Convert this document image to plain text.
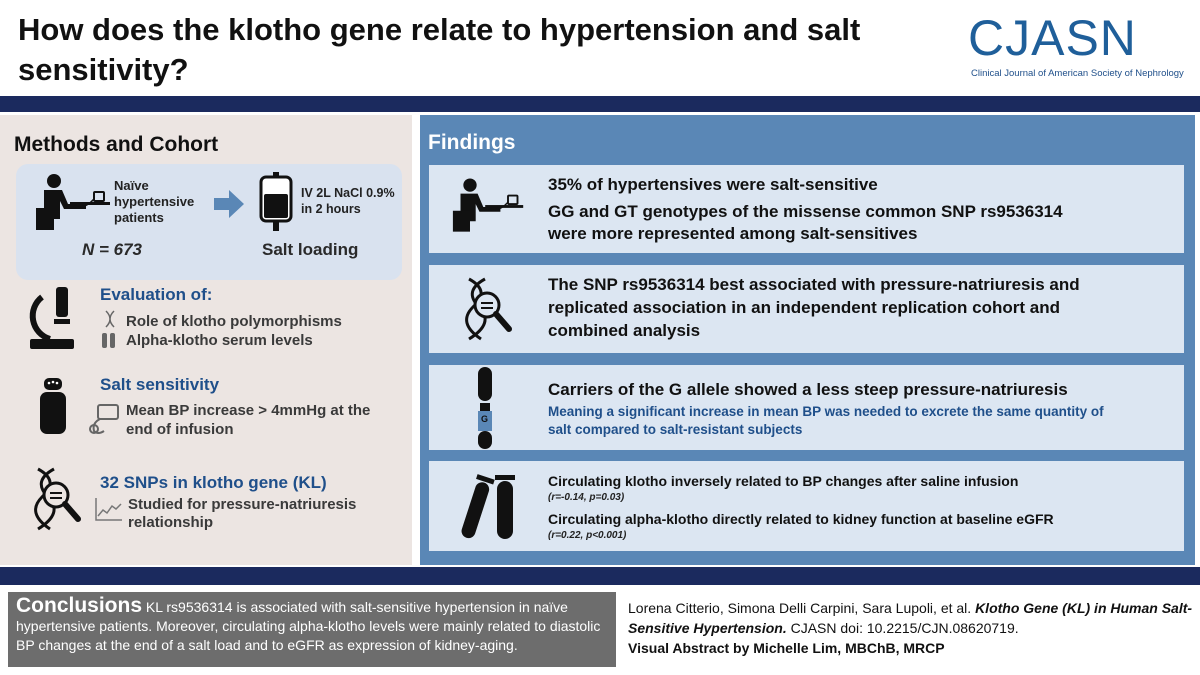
How does the klotho gene relate to hypertension and salt sensitivity?
CJASN
Clinical Journal of American Society of Nephrology
Methods and Cohort
Naïve
hypertensive
patients
N = 673
IV 2L NaCl 0.9%
in 2 hours
Salt loading
Evaluation of:
Role of klotho polymorphisms
Alpha-klotho serum levels
Salt sensitivity
Mean BP increase > 4mmHg at the
end of infusion
32 SNPs in klotho gene (KL)
Studied for pressure-natriuresis
relationship
Findings
35% of hypertensives were salt-sensitive
GG and GT genotypes of the missense common SNP rs9536314
were more represented among salt-sensitives
The SNP rs9536314 best associated with pressure-natriuresis and
replicated association in an independent replication cohort and
combined analysis
G
Carriers of the G allele showed a less steep pressure-natriuresis
Meaning a significant increase in mean BP was needed to excrete the same quantity of
salt compared to salt-resistant subjects
Circulating klotho inversely related to BP changes after saline infusion
(r=-0.14, p=0.03)
Circulating alpha-klotho directly related to kidney function at baseline eGFR
(r=0.22, p<0.001)
Conclusions KL rs9536314 is associated with salt-sensitive hypertension in naïve hypertensive patients. Moreover, circulating alpha-klotho levels were mainly related to diastolic BP changes at the end of a salt load and to eGFR as expression of kidney-aging.
Lorena Citterio, Simona Delli Carpini, Sara Lupoli, et al. Klotho Gene (KL) in Human Salt-Sensitive Hypertension. CJASN doi: 10.2215/CJN.08620719.
Visual Abstract by Michelle Lim, MBChB, MRCP
